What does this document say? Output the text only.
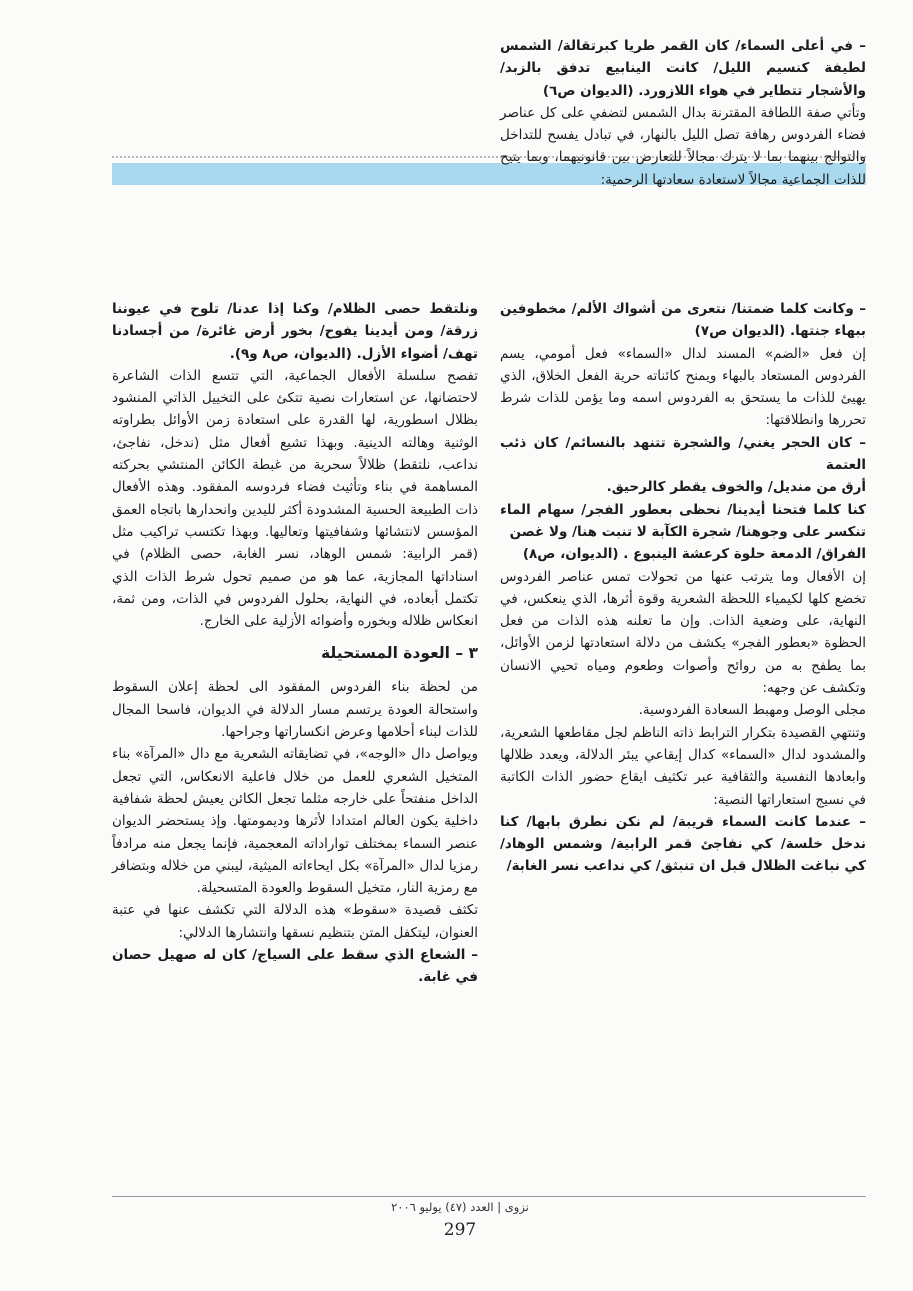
– في أعلى السماء/ كان القمر طريا كبرتقالة/ الشمس لطيفة كنسيم الليل/ كانت الينابيع تدفق بالزبد/ والأشجار تتطاير في هواء اللازورد. (الديوان ص٦)

وتأتي صفة اللطافة المقترنة بدال الشمس لتضفي على كل عناصر فضاء الفردوس رهافة تصل الليل بالنهار، في تبادل يفسح للتداخل والتوالج بينهما بما لا يترك مجالاً للتعارض بين قانونيهما، وبما يتيح للذات الجماعية مجالاً لاستعادة سعادتها الرحمية:

– وكانت كلما ضمتنا/ نتعرى من أشواك الألم/ مخطوفين ببهاء جنتها. (الديوان ص٧)

إن فعل «الضم» المسند لدال «السماء» فعل أمومي، يسم الفردوس المستعاد بالبهاء ويمنح كائناته حرية الفعل الخلاق، الذي يهيئ للذات ما يستحق به الفردوس اسمه وما يؤمن للذات شرط تحررها وانطلاقتها:

– كان الحجر يغني/ والشجرة تتنهد بالنسائم/ كان ذئب العتمة

أرق من منديل/ والخوف يقطر كالرحيق.

كنا كلما فتحنا أيدينا/ نحظى بعطور الفجر/ سهام الماء تنكسر على وجوهنا/ شجرة الكآبة لا تنبت هنا/ ولا غصن

الفراق/ الدمعة حلوة كرعشة الينبوع . (الديوان، ص٨)

إن الأفعال وما يترتب عنها من تحولات تمس عناصر الفردوس تخضع كلها لكيمياء اللحظة الشعرية وقوة أثرها، الذي ينعكس، في النهاية، على وضعية الذات. وإن ما تعلنه هذه الذات من فعل الحظوة «بعطور الفجر» يكشف من دلالة استعادتها لزمن الأوائل، بما يطفح به من روائح وأصوات وطعوم ومياه تحيي الانسان وتكشف عن وجهه:

مجلى الوصل ومهبط السعادة الفردوسية.

وتنتهي القصيدة بتكرار الترابط ذاته الناظم لجل مقاطعها الشعرية، والمشدود لدال «السماء» كدال إيقاعي يبئر الدلالة، ويعدد ظلالها وابعادها النفسية والثقافية عبر تكثيف ايقاع حضور الذات الكاتبة في نسيج استعاراتها النصية:

– عندما كانت السماء قريبة/ لم نكن نطرق بابها/ كنا ندخل خلسة/ كي نفاجئ قمر الرابية/ وشمس الوهاد/ كي نباغت الظلال قبل ان تنبثق/ كي نداعب نسر الغابة/

ونلتقط حصى الظلام/ وكنا إذا عدنا/ تلوح في عيوننا زرقة/ ومن أيدينا يفوح/ بخور أرض غائرة/ من أجسادنا تهف/ أضواء الأزل. (الديوان، ص٨ و٩).

تفصح سلسلة الأفعال الجماعية، التي تتسع الذات الشاعرة لاحتضانها، عن استعارات نصية تتكئ على التخييل الذاتي المنشود بظلال اسطورية، لها القدرة على استعادة زمن الأوائل بطراوته الوثنية وهالته الدينية. وبهذا تشيع أفعال مثل (ندخل، نفاجئ، نداعب، نلتقط) ظلالاً سحرية من غبطة الكائن المنتشي بحركته المساهمة في بناء وتأثيث فضاء فردوسه المفقود. وهذه الأفعال ذات الطبيعة الحسية المشدودة أكثر لليدين وانحدارها باتجاه العمق المؤسس لانتشائها وشفافيتها وتعاليها. وبهذا تكتسب تراكيب مثل (قمر الرابية: شمس الوهاد، نسر الغابة، حصى الظلام) في اسناداتها المجازية، عما هو من صميم تحول شرط الذات الذي تكتمل أبعاده، في النهاية، بحلول الفردوس في الذات، ومن ثمة، انعكاس ظلاله وبخوره وأضوائه الأزلية على الخارج.

٣ – العودة المستحيلة

من لحظة بناء الفردوس المفقود الى لحظة إعلان السقوط واستحالة العودة يرتسم مسار الدلالة في الديوان، فاسحا المجال للذات لبناء أحلامها وعرض انكساراتها وجراحها.

ويواصل دال «الوجه»، في تضايقاته الشعرية مع دال «المرآة» بناء المتخيل الشعري للعمل من خلال فاعلية الانعكاس، التي تجعل الداخل منفتحاً على خارجه مثلما تجعل الكائن يعيش لحظة شفافية داخلية يكون العالم امتدادا لأثرها وديمومتها. وإذ يستحضر الديوان عنصر السماء بمختلف تواراداته المعجمية، فإنما يجعل منه مرادفاً رمزيا لدال «المرآة» بكل ايحاءاته الميثية، ليبني من خلاله وبتضافر مع رمزية النار، متخيل السقوط والعودة المتسحيلة.

تكثف قصيدة «سقوط» هذه الدلالة التي تكشف عنها في عتبة العنوان، ليتكفل المتن بتنظيم نسقها وانتشارها الدلالي:

– الشعاع الذي سقط على السياج/ كان له صهيل حصان في غابة.

نزوى | العدد (٤٧) يوليو ٢٠٠٦
297
